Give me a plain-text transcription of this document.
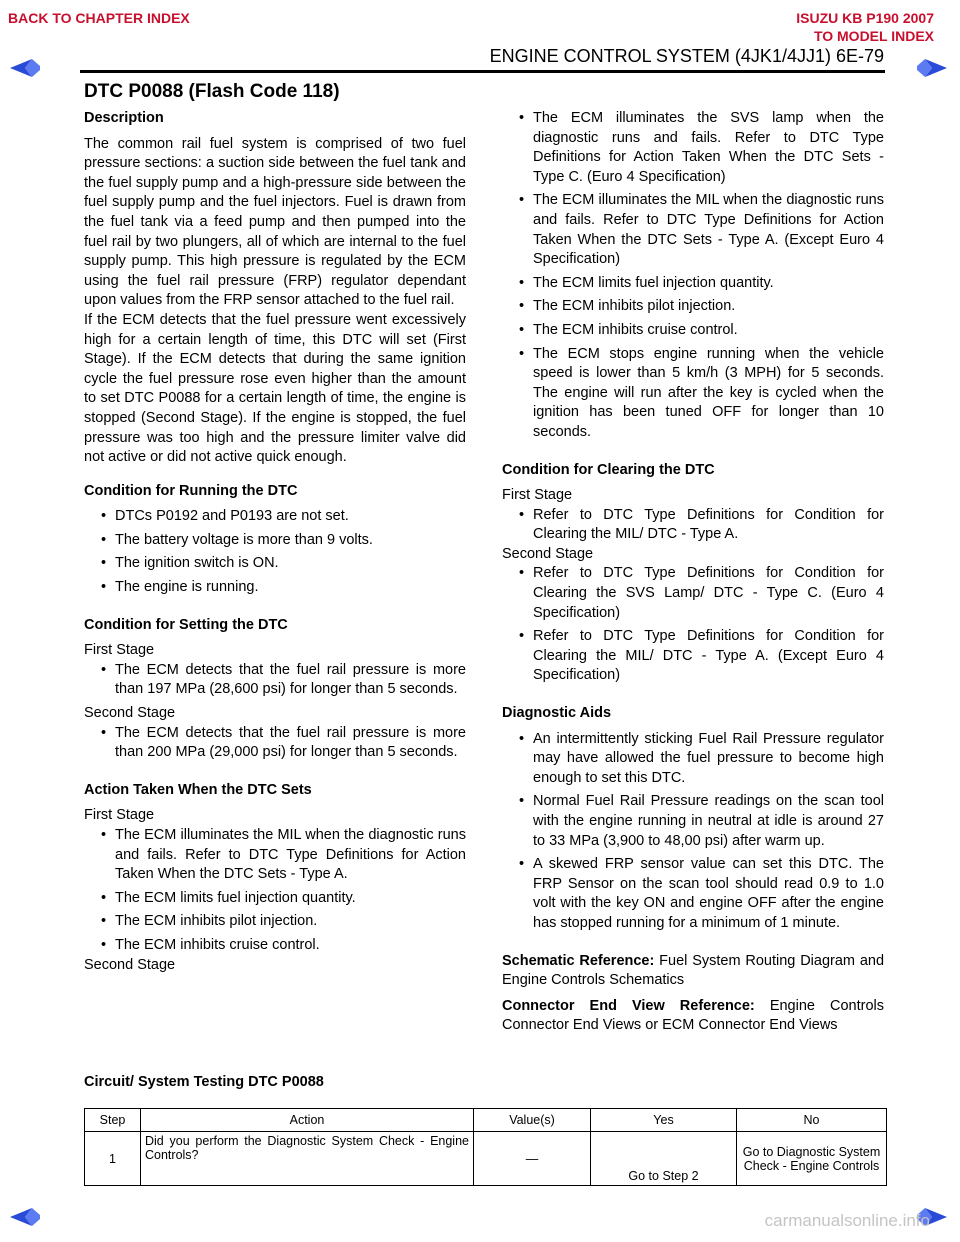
BACK TO CHAPTER INDEX	ISUZU KB P190 2007
TO MODEL INDEX
ENGINE CONTROL SYSTEM (4JK1/4JJ1) 6E-79
DTC P0088 (Flash Code 118)

Description

The common rail fuel system is comprised of two fuel pressure sections: a suction side between the fuel tank and the fuel supply pump and a high-pressure side between the fuel supply pump and the fuel injectors. Fuel is drawn from the fuel tank via a feed pump and then pumped into the fuel rail by two plungers, all of which are internal to the fuel supply pump. This high pressure is regulated by the ECM using the fuel rail pressure (FRP) regulator dependant upon values from the FRP sensor attached to the fuel rail.

If the ECM detects that the fuel pressure went excessively high for a certain length of time, this DTC will set (First Stage). If the ECM detects that during the same ignition cycle the fuel pressure rose even higher than the amount to set DTC P0088 for a certain length of time, the engine is stopped (Second Stage). If the engine is stopped, the fuel pressure was too high and the pressure limiter valve did not active or did not active quick enough.

Condition for Running the DTC

• DTCs P0192 and P0193 are not set.
• The battery voltage is more than 9 volts.
• The ignition switch is ON.
• The engine is running.

Condition for Setting the DTC

First Stage

• The ECM detects that the fuel rail pressure is more than 197 MPa (28,600 psi) for longer than 5 seconds.

Second Stage

• The ECM detects that the fuel rail pressure is more than 200 MPa (29,000 psi) for longer than 5 seconds.

Action Taken When the DTC Sets

First Stage

• The ECM illuminates the MIL when the diagnostic runs and fails. Refer to DTC Type Definitions for Action Taken When the DTC Sets - Type A.
• The ECM limits fuel injection quantity.
• The ECM inhibits pilot injection.
• The ECM inhibits cruise control.

Second Stage

• The ECM illuminates the SVS lamp when the diagnostic runs and fails. Refer to DTC Type Definitions for Action Taken When the DTC Sets - Type C. (Euro 4 Specification)
• The ECM illuminates the MIL when the diagnostic runs and fails. Refer to DTC Type Definitions for Action Taken When the DTC Sets - Type A. (Except Euro 4 Specification)
• The ECM limits fuel injection quantity.
• The ECM inhibits pilot injection.
• The ECM inhibits cruise control.
• The ECM stops engine running when the vehicle speed is lower than 5 km/h (3 MPH) for 5 seconds. The engine will run after the key is cycled when the ignition has been tuned OFF for longer than 10 seconds.

Condition for Clearing the DTC

First Stage

• Refer to DTC Type Definitions for Condition for Clearing the MIL/ DTC - Type A.

Second Stage

• Refer to DTC Type Definitions for Condition for Clearing the SVS Lamp/ DTC - Type C. (Euro 4 Specification)
• Refer to DTC Type Definitions for Condition for Clearing the MIL/ DTC - Type A. (Except Euro 4 Specification)

Diagnostic Aids

• An intermittently sticking Fuel Rail Pressure regulator may have allowed the fuel pressure to become high enough to set this DTC.
• Normal Fuel Rail Pressure readings on the scan tool with the engine running in neutral at idle is around 27 to 33 MPa (3,900 to 48,00 psi) after warm up.
• A skewed FRP sensor value can set this DTC. The FRP Sensor on the scan tool should read 0.9 to 1.0 volt with the key ON and engine OFF after the engine has stopped running for a minimum of 1 minute.

Schematic Reference: Fuel System Routing Diagram and Engine Controls Schematics

Connector End View Reference: Engine Controls Connector End Views or ECM Connector End Views

Circuit/ System Testing DTC P0088
Step	Action	Value(s)	Yes	No
1	Did you perform the Diagnostic System Check - Engine Controls?	—	Go to Step 2	Go to Diagnostic System Check - Engine Controls
carmanualsonline.info
